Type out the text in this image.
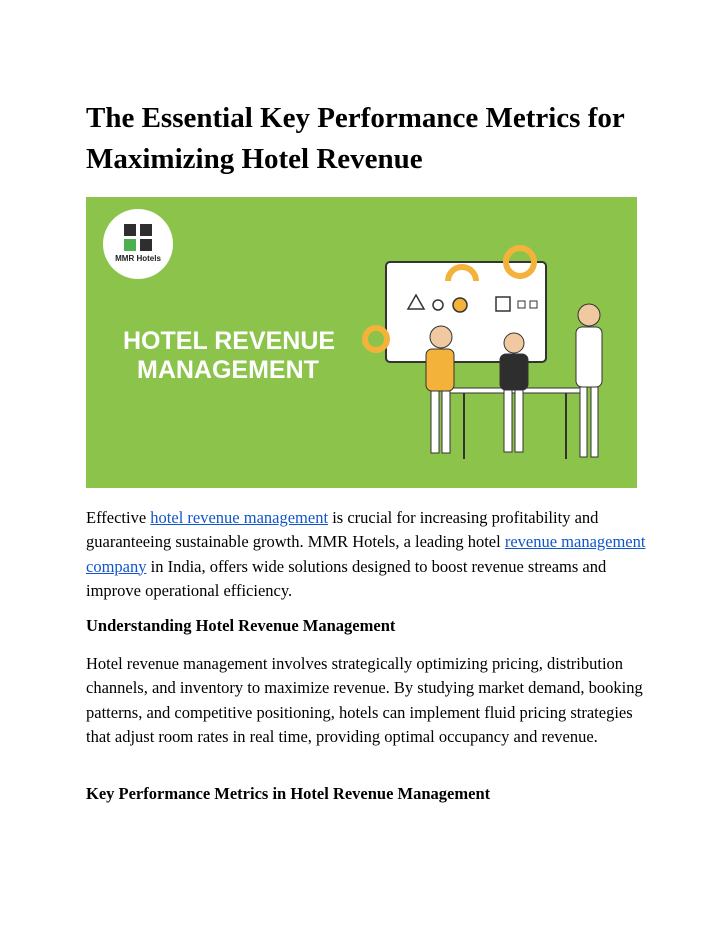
The Essential Key Performance Metrics for Maximizing Hotel Revenue
MMR Hotels
HOTEL REVENUE
MANAGEMENT

Effective hotel revenue management is crucial for increasing profitability and guaranteeing sustainable growth. MMR Hotels, a leading hotel revenue management company in India, offers wide solutions designed to boost revenue streams and improve operational efficiency.

Understanding Hotel Revenue Management

Hotel revenue management involves strategically optimizing pricing, distribution channels, and inventory to maximize revenue. By studying market demand, booking patterns, and competitive positioning, hotels can implement fluid pricing strategies that adjust room rates in real time, providing optimal occupancy and revenue.

Key Performance Metrics in Hotel Revenue Management
